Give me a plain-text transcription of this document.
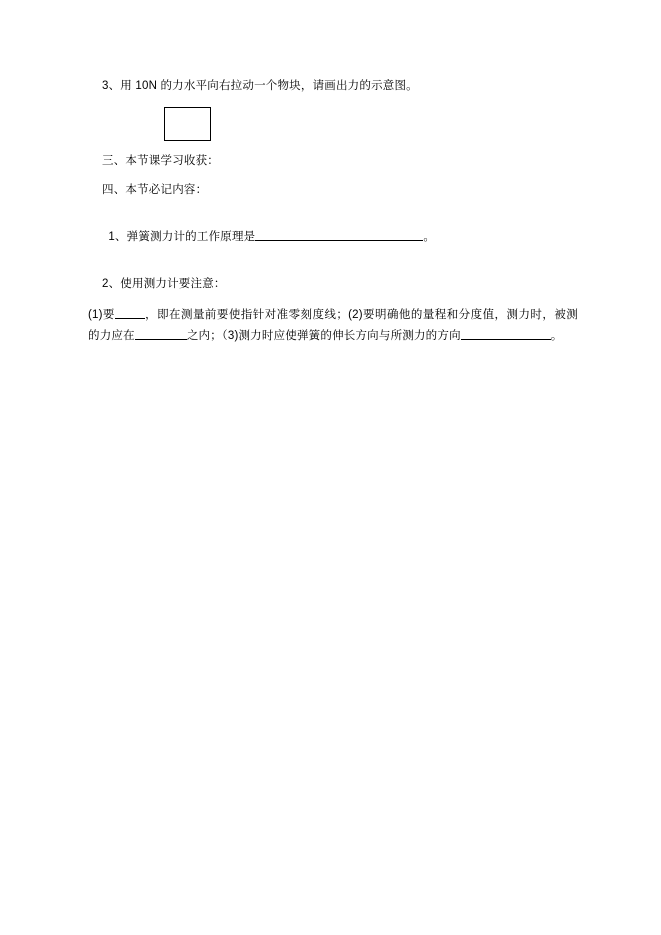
3、用 10N 的力水平向右拉动一个物块，请画出力的示意图。
三、本节课学习收获：
四、本节必记内容：

1、弹簧测力计的工作原理是	。

2、使用测力计要注意：
(1)要	，即在测量前要使指针对准零刻度线；(2)要明确他的量程和分度值，测力时，被测的力应在	之内；（3)测力时应使弹簧的伸长方向与所测力的方向	。
